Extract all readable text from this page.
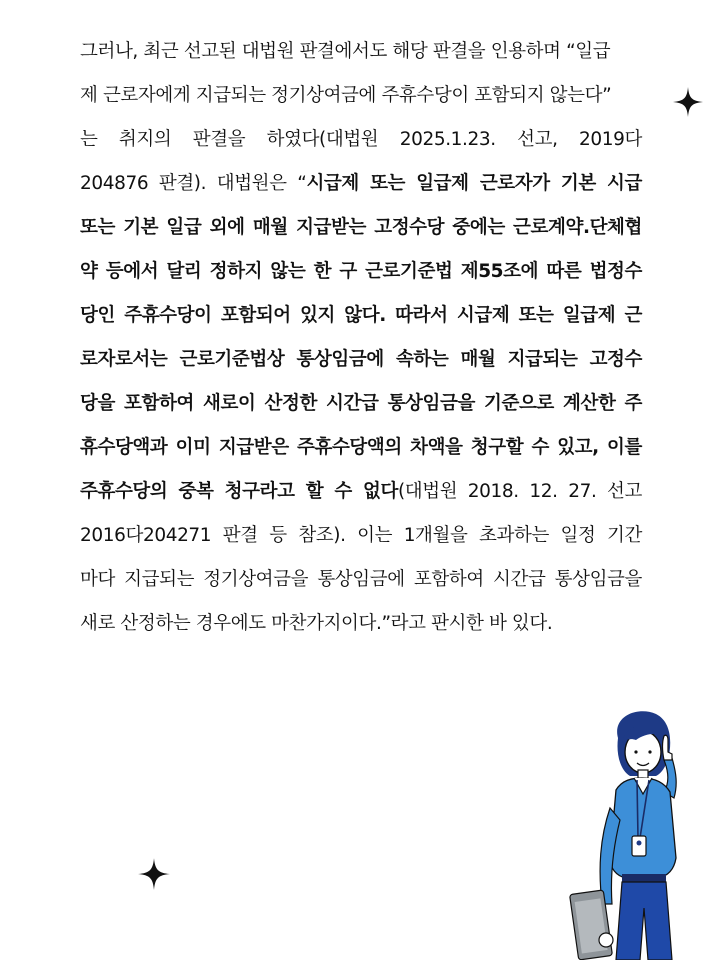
그러나, 최근 선고된 대법원 판결에서도 해당 판결을 인용하며 “일급
제 근로자에게 지급되는 정기상여금에 주휴수당이 포함되지 않는다”
는 취지의 판결을 하였다(대법원 2025.1.23. 선고, 2019다
204876 판결). 대법원은 “시급제 또는 일급제 근로자가 기본 시급
또는 기본 일급 외에 매월 지급받는 고정수당 중에는 근로계약.단체협
약 등에서 달리 정하지 않는 한 구 근로기준법 제55조에 따른 법정수
당인 주휴수당이 포함되어 있지 않다. 따라서 시급제 또는 일급제 근
로자로서는 근로기준법상 통상임금에 속하는 매월 지급되는 고정수
당을 포함하여 새로이 산정한 시간급 통상임금을 기준으로 계산한 주
휴수당액과 이미 지급받은 주휴수당액의 차액을 청구할 수 있고, 이를
주휴수당의 중복 청구라고 할 수 없다(대법원 2018. 12. 27. 선고
2016다204271 판결 등 참조). 이는 1개월을 초과하는 일정 기간
마다 지급되는 정기상여금을 통상임금에 포함하여 시간급 통상임금을
새로 산정하는 경우에도 마찬가지이다.”라고 판시한 바 있다.
